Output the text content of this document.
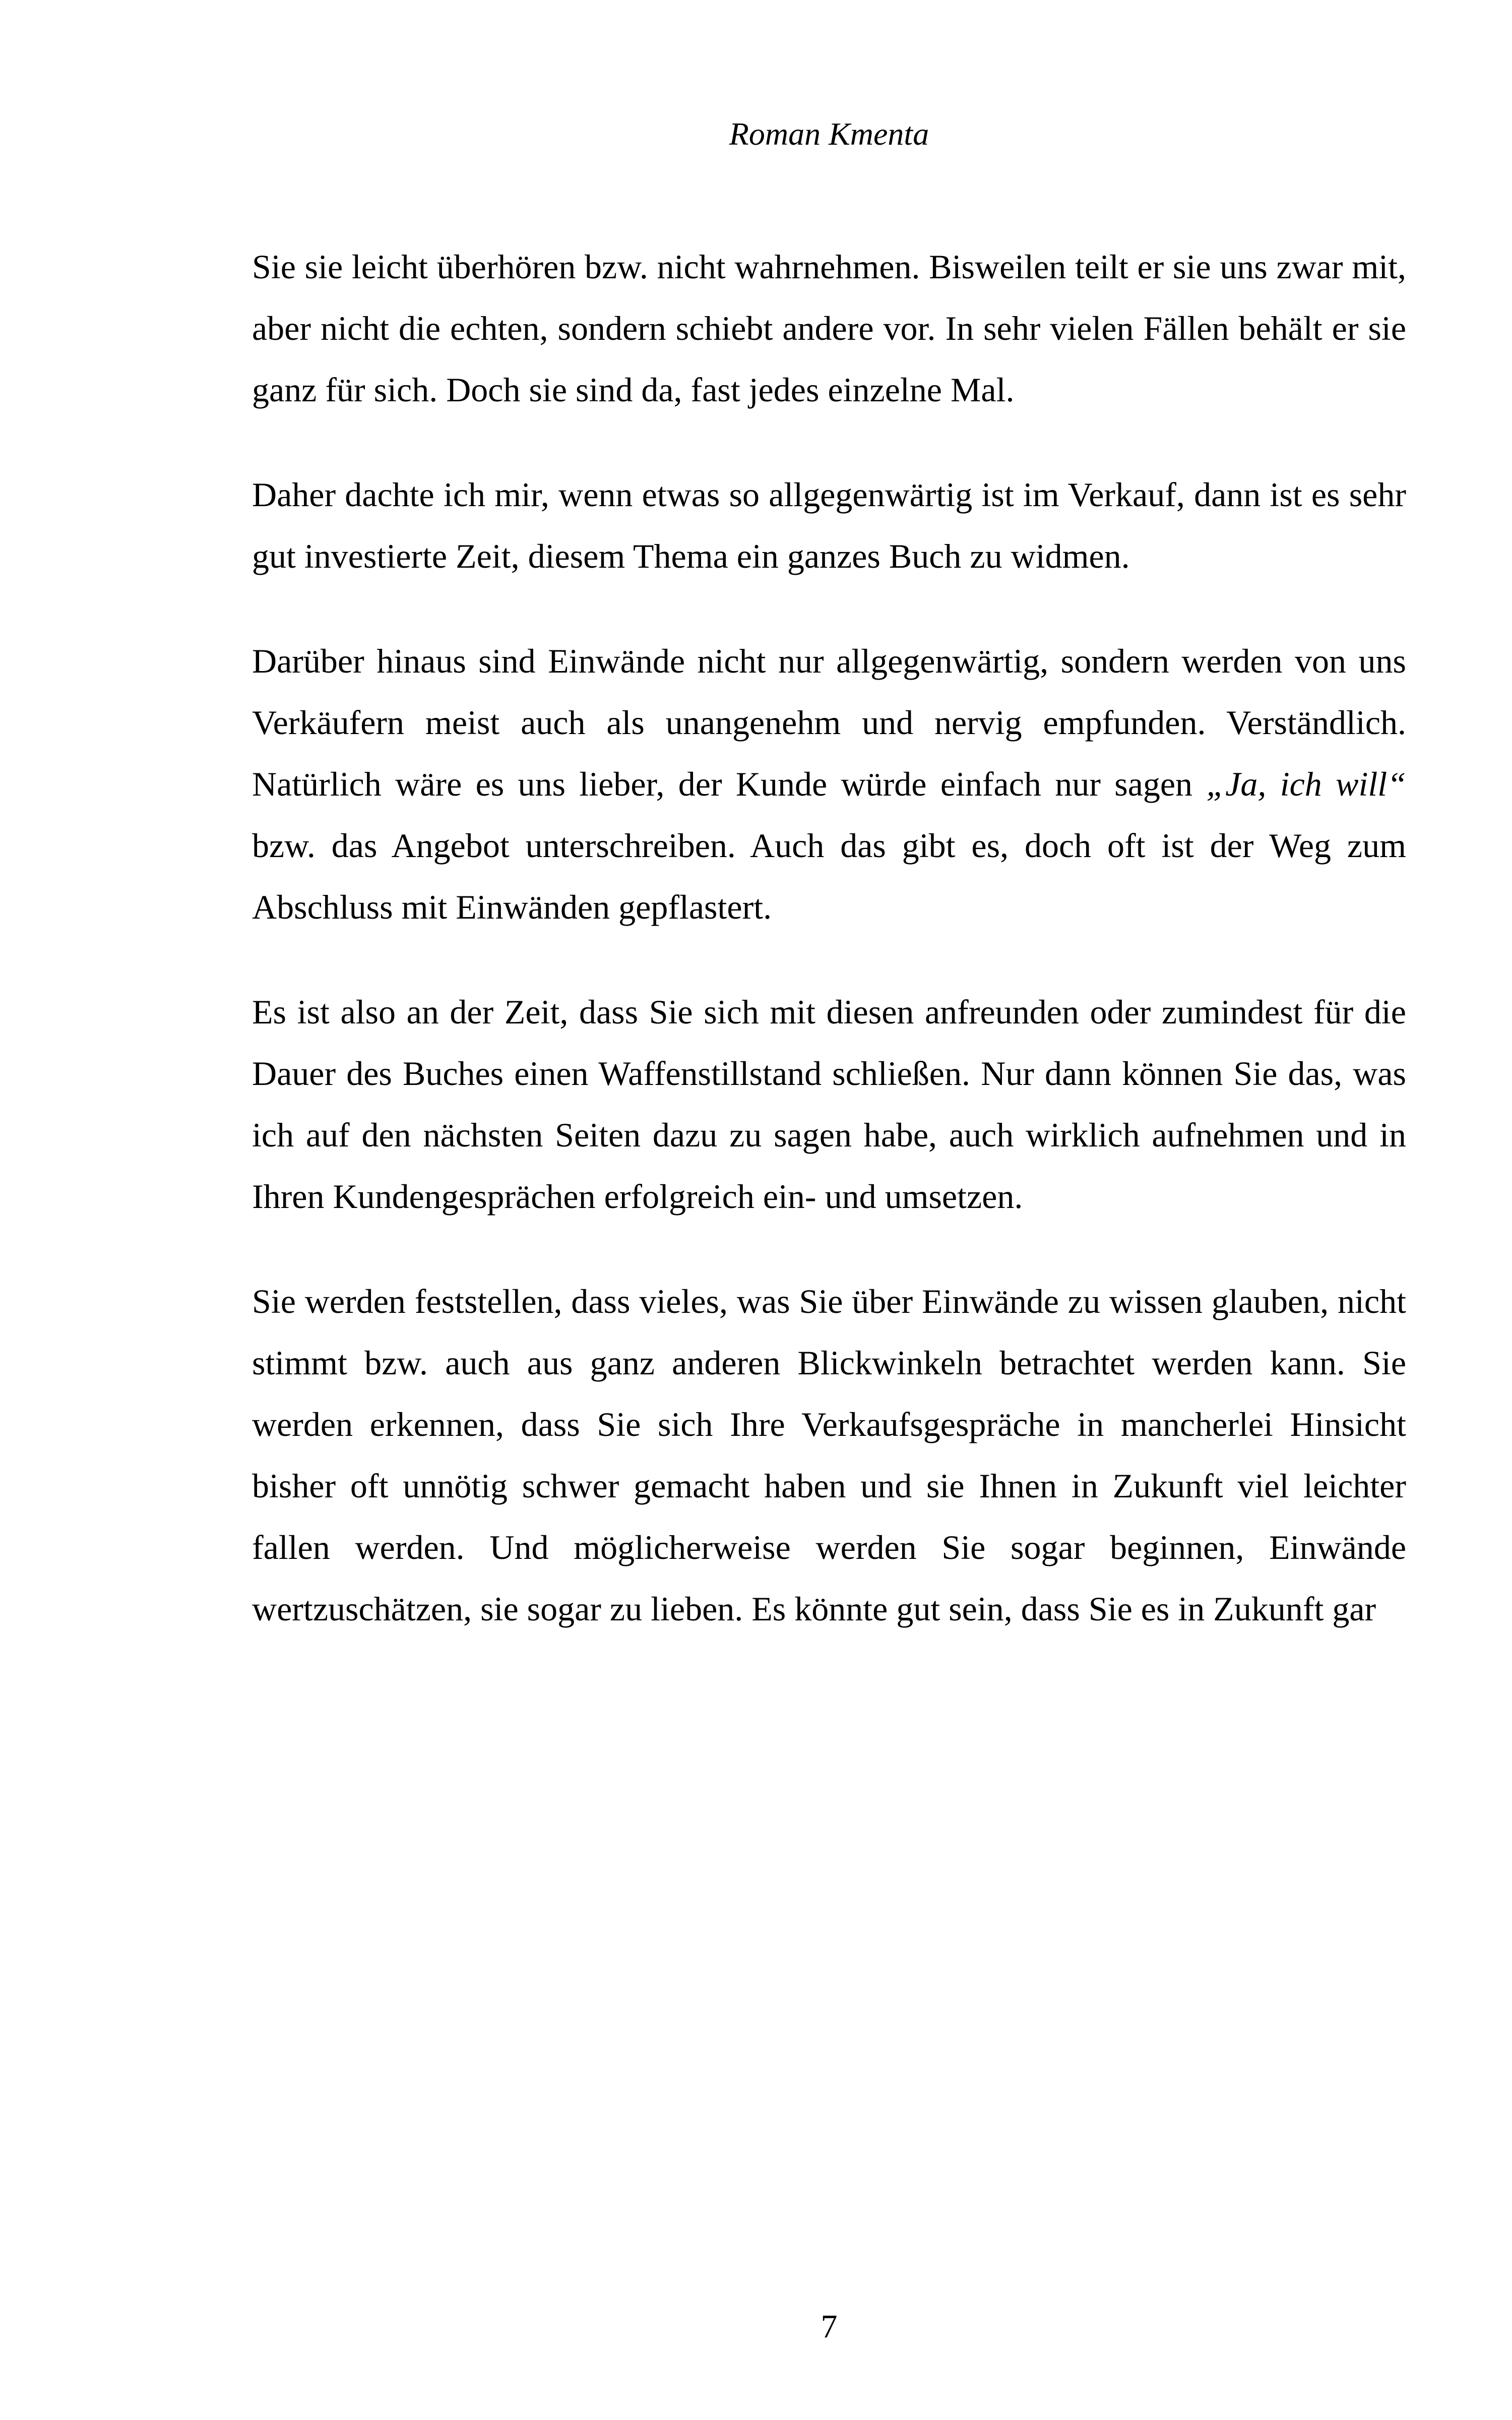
Roman Kmenta

Sie sie leicht überhören bzw. nicht wahrnehmen. Bisweilen teilt er sie uns zwar mit, aber nicht die echten, sondern schiebt andere vor. In sehr vielen Fällen behält er sie ganz für sich. Doch sie sind da, fast jedes einzelne Mal.

Daher dachte ich mir, wenn etwas so allgegenwärtig ist im Verkauf, dann ist es sehr gut investierte Zeit, diesem Thema ein ganzes Buch zu widmen.

Darüber hinaus sind Einwände nicht nur allgegenwärtig, sondern werden von uns Verkäufern meist auch als unangenehm und nervig empfunden. Verständlich. Natürlich wäre es uns lieber, der Kunde würde einfach nur sagen „Ja, ich will“ bzw. das Angebot unterschreiben. Auch das gibt es, doch oft ist der Weg zum Abschluss mit Einwänden gepflastert.

Es ist also an der Zeit, dass Sie sich mit diesen anfreunden oder zumindest für die Dauer des Buches einen Waffenstillstand schließen. Nur dann können Sie das, was ich auf den nächsten Seiten dazu zu sagen habe, auch wirklich aufnehmen und in Ihren Kundengesprächen erfolgreich ein- und umsetzen.

Sie werden feststellen, dass vieles, was Sie über Einwände zu wissen glauben, nicht stimmt bzw. auch aus ganz anderen Blickwinkeln betrachtet werden kann. Sie werden erkennen, dass Sie sich Ihre Verkaufsgespräche in mancherlei Hinsicht bisher oft unnötig schwer gemacht haben und sie Ihnen in Zukunft viel leichter fallen werden. Und möglicherweise werden Sie sogar beginnen, Einwände wertzuschätzen, sie sogar zu lieben. Es könnte gut sein, dass Sie es in Zukunft gar

7
